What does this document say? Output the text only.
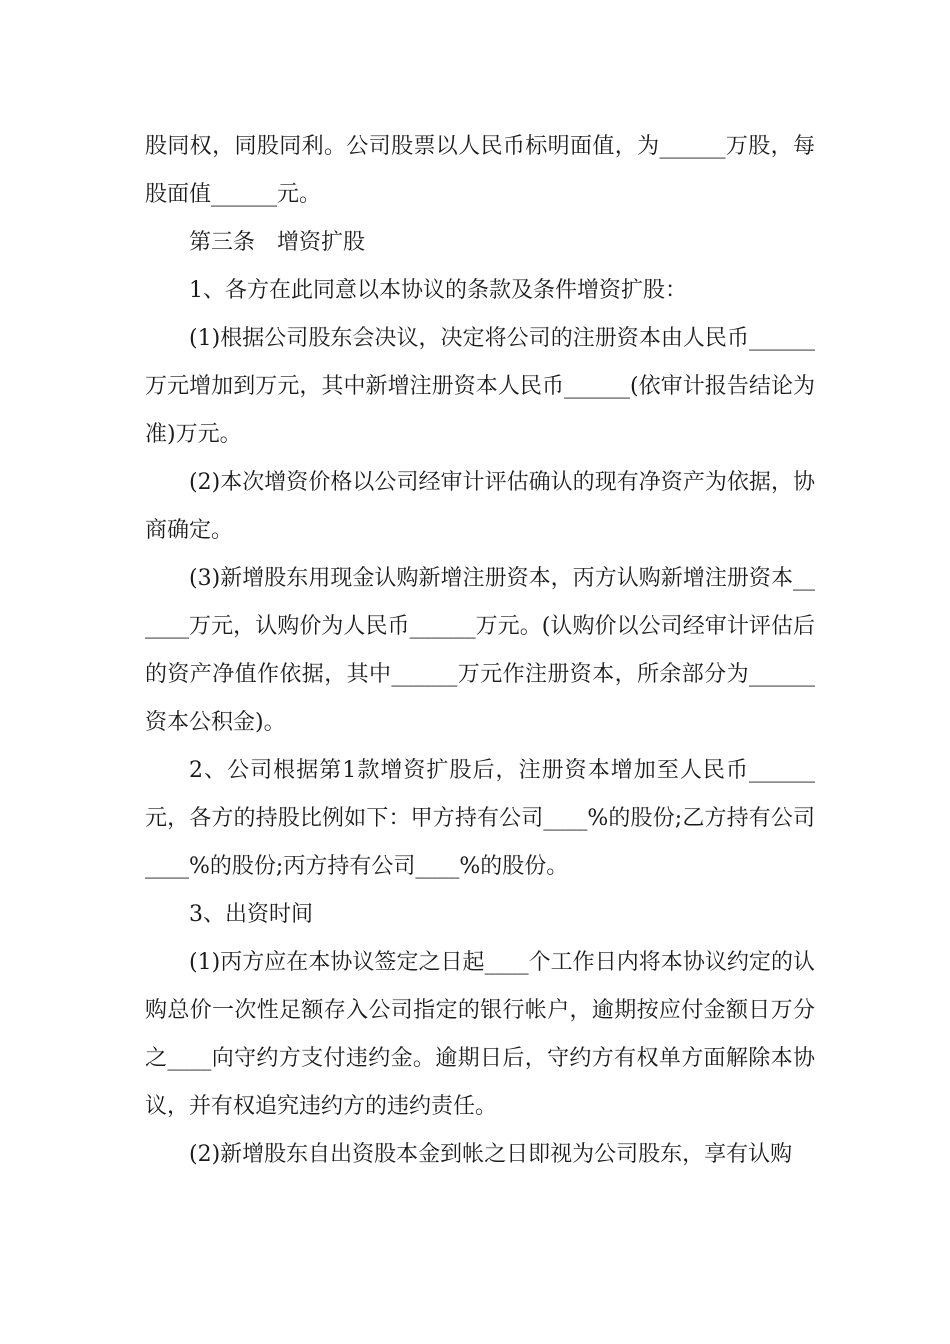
股同权，同股同利。公司股票以人民币标明面值，为______万股，每股面值______元。

第三条　增资扩股

1、各方在此同意以本协议的条款及条件增资扩股：

(1)根据公司股东会决议，决定将公司的注册资本由人民币______万元增加到万元，其中新增注册资本人民币______(依审计报告结论为准)万元。

(2)本次增资价格以公司经审计评估确认的现有净资产为依据，协商确定。

(3)新增股东用现金认购新增注册资本，丙方认购新增注册资本______万元，认购价为人民币______万元。(认购价以公司经审计评估后的资产净值作依据，其中______万元作注册资本，所余部分为______资本公积金)。

2、公司根据第1款增资扩股后，注册资本增加至人民币______元，各方的持股比例如下：甲方持有公司____%的股份;乙方持有公司____%的股份;丙方持有公司____%的股份。

3、出资时间

(1)丙方应在本协议签定之日起____个工作日内将本协议约定的认购总价一次性足额存入公司指定的银行帐户，逾期按应付金额日万分之____向守约方支付违约金。逾期日后，守约方有权单方面解除本协议，并有权追究违约方的违约责任。

(2)新增股东自出资股本金到帐之日即视为公司股东，享有认购
